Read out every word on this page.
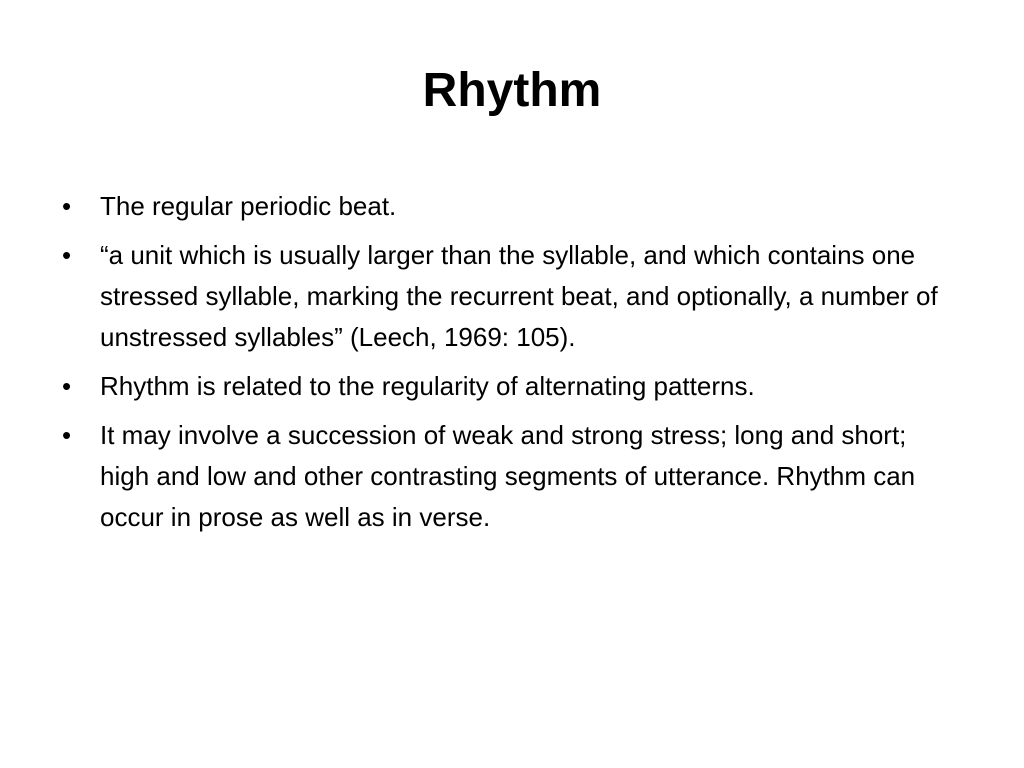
Rhythm
•	The regular periodic beat.
•	“a unit which is usually larger than the syllable, and which contains one stressed syllable, marking the recurrent beat, and optionally, a number of unstressed syllables” (Leech, 1969: 105).
•	Rhythm is related to the regularity of alternating patterns.
•	It may involve a succession of weak and strong stress; long and short; high and low and other contrasting segments of utterance. Rhythm can occur in prose as well as in verse.
